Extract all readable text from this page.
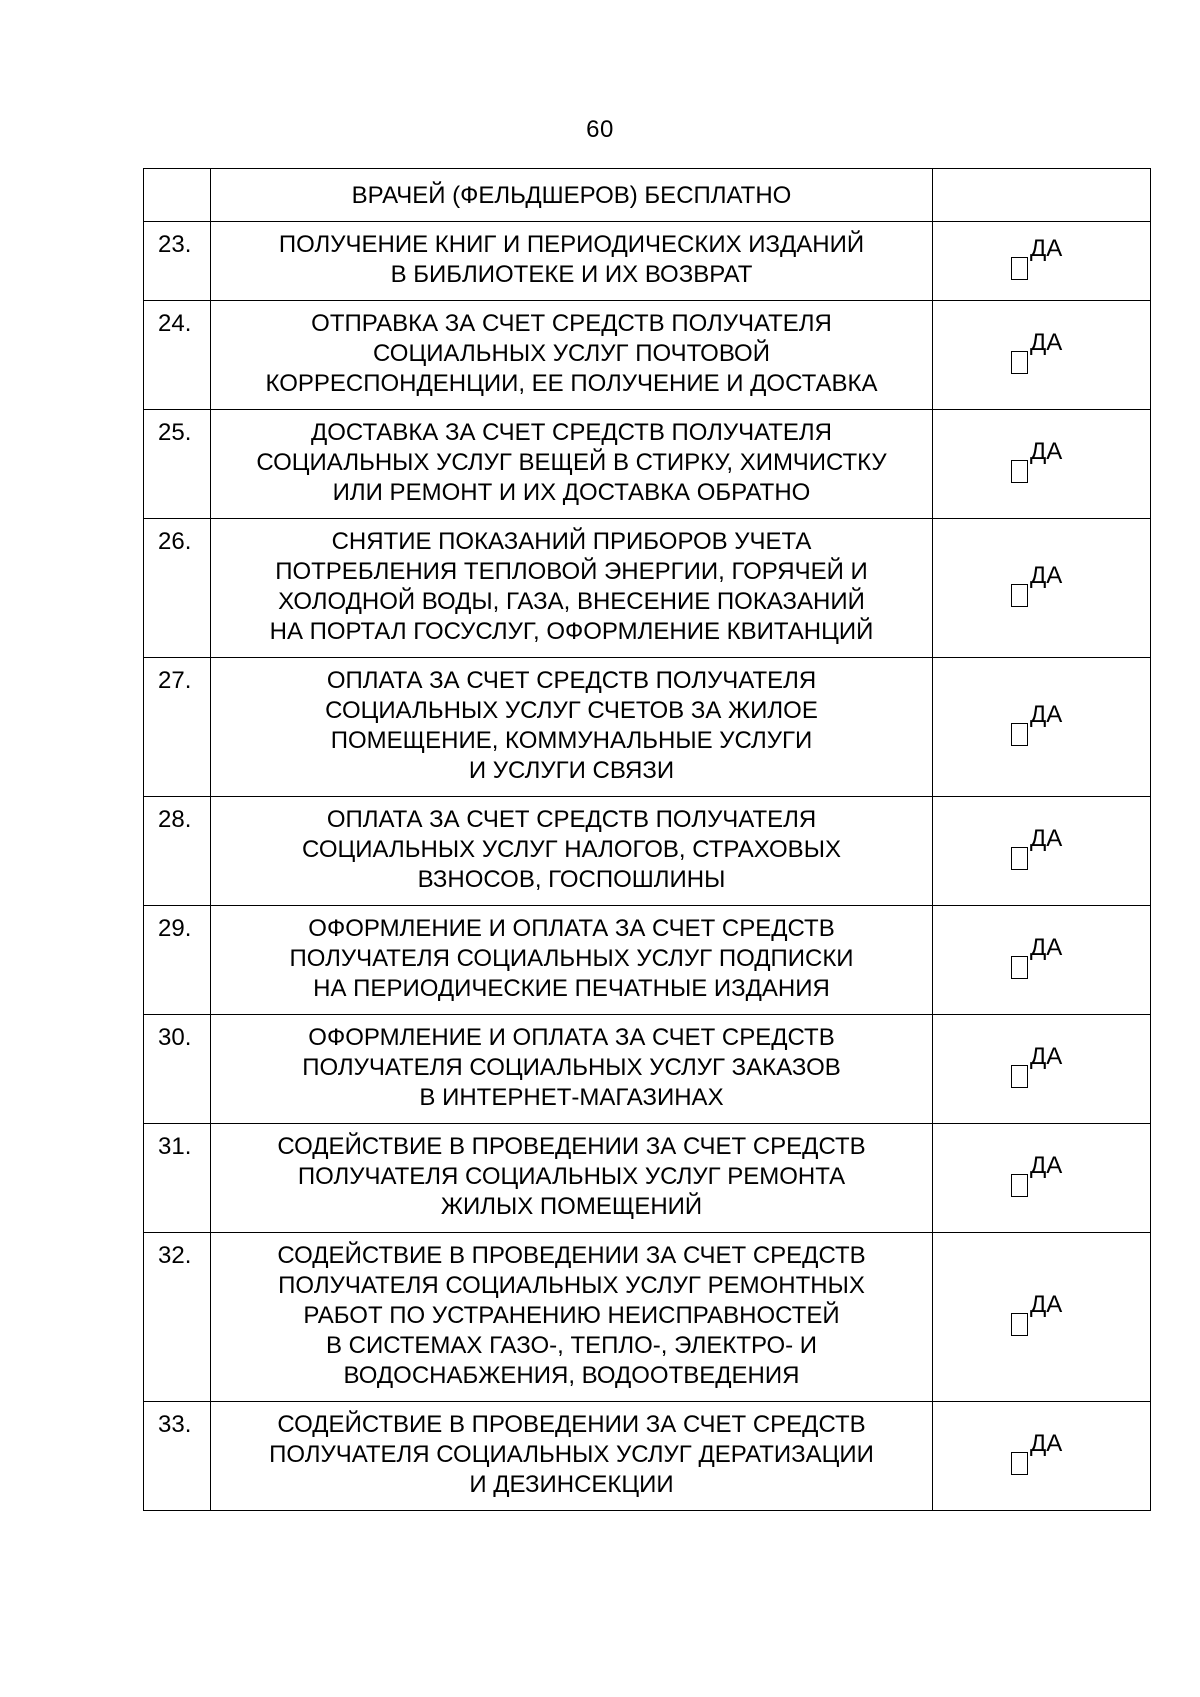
60

	ВРАЧЕЙ (ФЕЛЬДШЕРОВ) БЕСПЛАТНО	

23.	ПОЛУЧЕНИЕ КНИГ И ПЕРИОДИЧЕСКИХ ИЗДАНИЙ
В БИБЛИОТЕКЕ И ИХ ВОЗВРАТ	ДА

24.	ОТПРАВКА ЗА СЧЕТ СРЕДСТВ ПОЛУЧАТЕЛЯ
СОЦИАЛЬНЫХ УСЛУГ ПОЧТОВОЙ
КОРРЕСПОНДЕНЦИИ, ЕЕ ПОЛУЧЕНИЕ И ДОСТАВКА	ДА

25.	ДОСТАВКА ЗА СЧЕТ СРЕДСТВ ПОЛУЧАТЕЛЯ
СОЦИАЛЬНЫХ УСЛУГ ВЕЩЕЙ В СТИРКУ, ХИМЧИСТКУ
ИЛИ РЕМОНТ И ИХ ДОСТАВКА ОБРАТНО	ДА

26.	СНЯТИЕ ПОКАЗАНИЙ ПРИБОРОВ УЧЕТА
ПОТРЕБЛЕНИЯ ТЕПЛОВОЙ ЭНЕРГИИ, ГОРЯЧЕЙ И
ХОЛОДНОЙ ВОДЫ, ГАЗА, ВНЕСЕНИЕ ПОКАЗАНИЙ
НА ПОРТАЛ ГОСУСЛУГ, ОФОРМЛЕНИЕ КВИТАНЦИЙ	ДА

27.	ОПЛАТА ЗА СЧЕТ СРЕДСТВ ПОЛУЧАТЕЛЯ
СОЦИАЛЬНЫХ УСЛУГ СЧЕТОВ ЗА ЖИЛОЕ
ПОМЕЩЕНИЕ, КОММУНАЛЬНЫЕ УСЛУГИ
И УСЛУГИ СВЯЗИ	ДА

28.	ОПЛАТА ЗА СЧЕТ СРЕДСТВ ПОЛУЧАТЕЛЯ
СОЦИАЛЬНЫХ УСЛУГ НАЛОГОВ, СТРАХОВЫХ
ВЗНОСОВ, ГОСПОШЛИНЫ	ДА

29.	ОФОРМЛЕНИЕ И ОПЛАТА ЗА СЧЕТ СРЕДСТВ
ПОЛУЧАТЕЛЯ СОЦИАЛЬНЫХ УСЛУГ ПОДПИСКИ
НА ПЕРИОДИЧЕСКИЕ ПЕЧАТНЫЕ ИЗДАНИЯ	ДА

30.	ОФОРМЛЕНИЕ И ОПЛАТА ЗА СЧЕТ СРЕДСТВ
ПОЛУЧАТЕЛЯ СОЦИАЛЬНЫХ УСЛУГ ЗАКАЗОВ
В ИНТЕРНЕТ-МАГАЗИНАХ	ДА

31.	СОДЕЙСТВИЕ В ПРОВЕДЕНИИ ЗА СЧЕТ СРЕДСТВ
ПОЛУЧАТЕЛЯ СОЦИАЛЬНЫХ УСЛУГ РЕМОНТА
ЖИЛЫХ ПОМЕЩЕНИЙ	ДА

32.	СОДЕЙСТВИЕ В ПРОВЕДЕНИИ ЗА СЧЕТ СРЕДСТВ
ПОЛУЧАТЕЛЯ СОЦИАЛЬНЫХ УСЛУГ РЕМОНТНЫХ
РАБОТ ПО УСТРАНЕНИЮ НЕИСПРАВНОСТЕЙ
В СИСТЕМАХ ГАЗО-, ТЕПЛО-, ЭЛЕКТРО- И
ВОДОСНАБЖЕНИЯ, ВОДООТВЕДЕНИЯ	ДА

33.	СОДЕЙСТВИЕ В ПРОВЕДЕНИИ ЗА СЧЕТ СРЕДСТВ
ПОЛУЧАТЕЛЯ СОЦИАЛЬНЫХ УСЛУГ ДЕРАТИЗАЦИИ
И ДЕЗИНСЕКЦИИ	ДА
